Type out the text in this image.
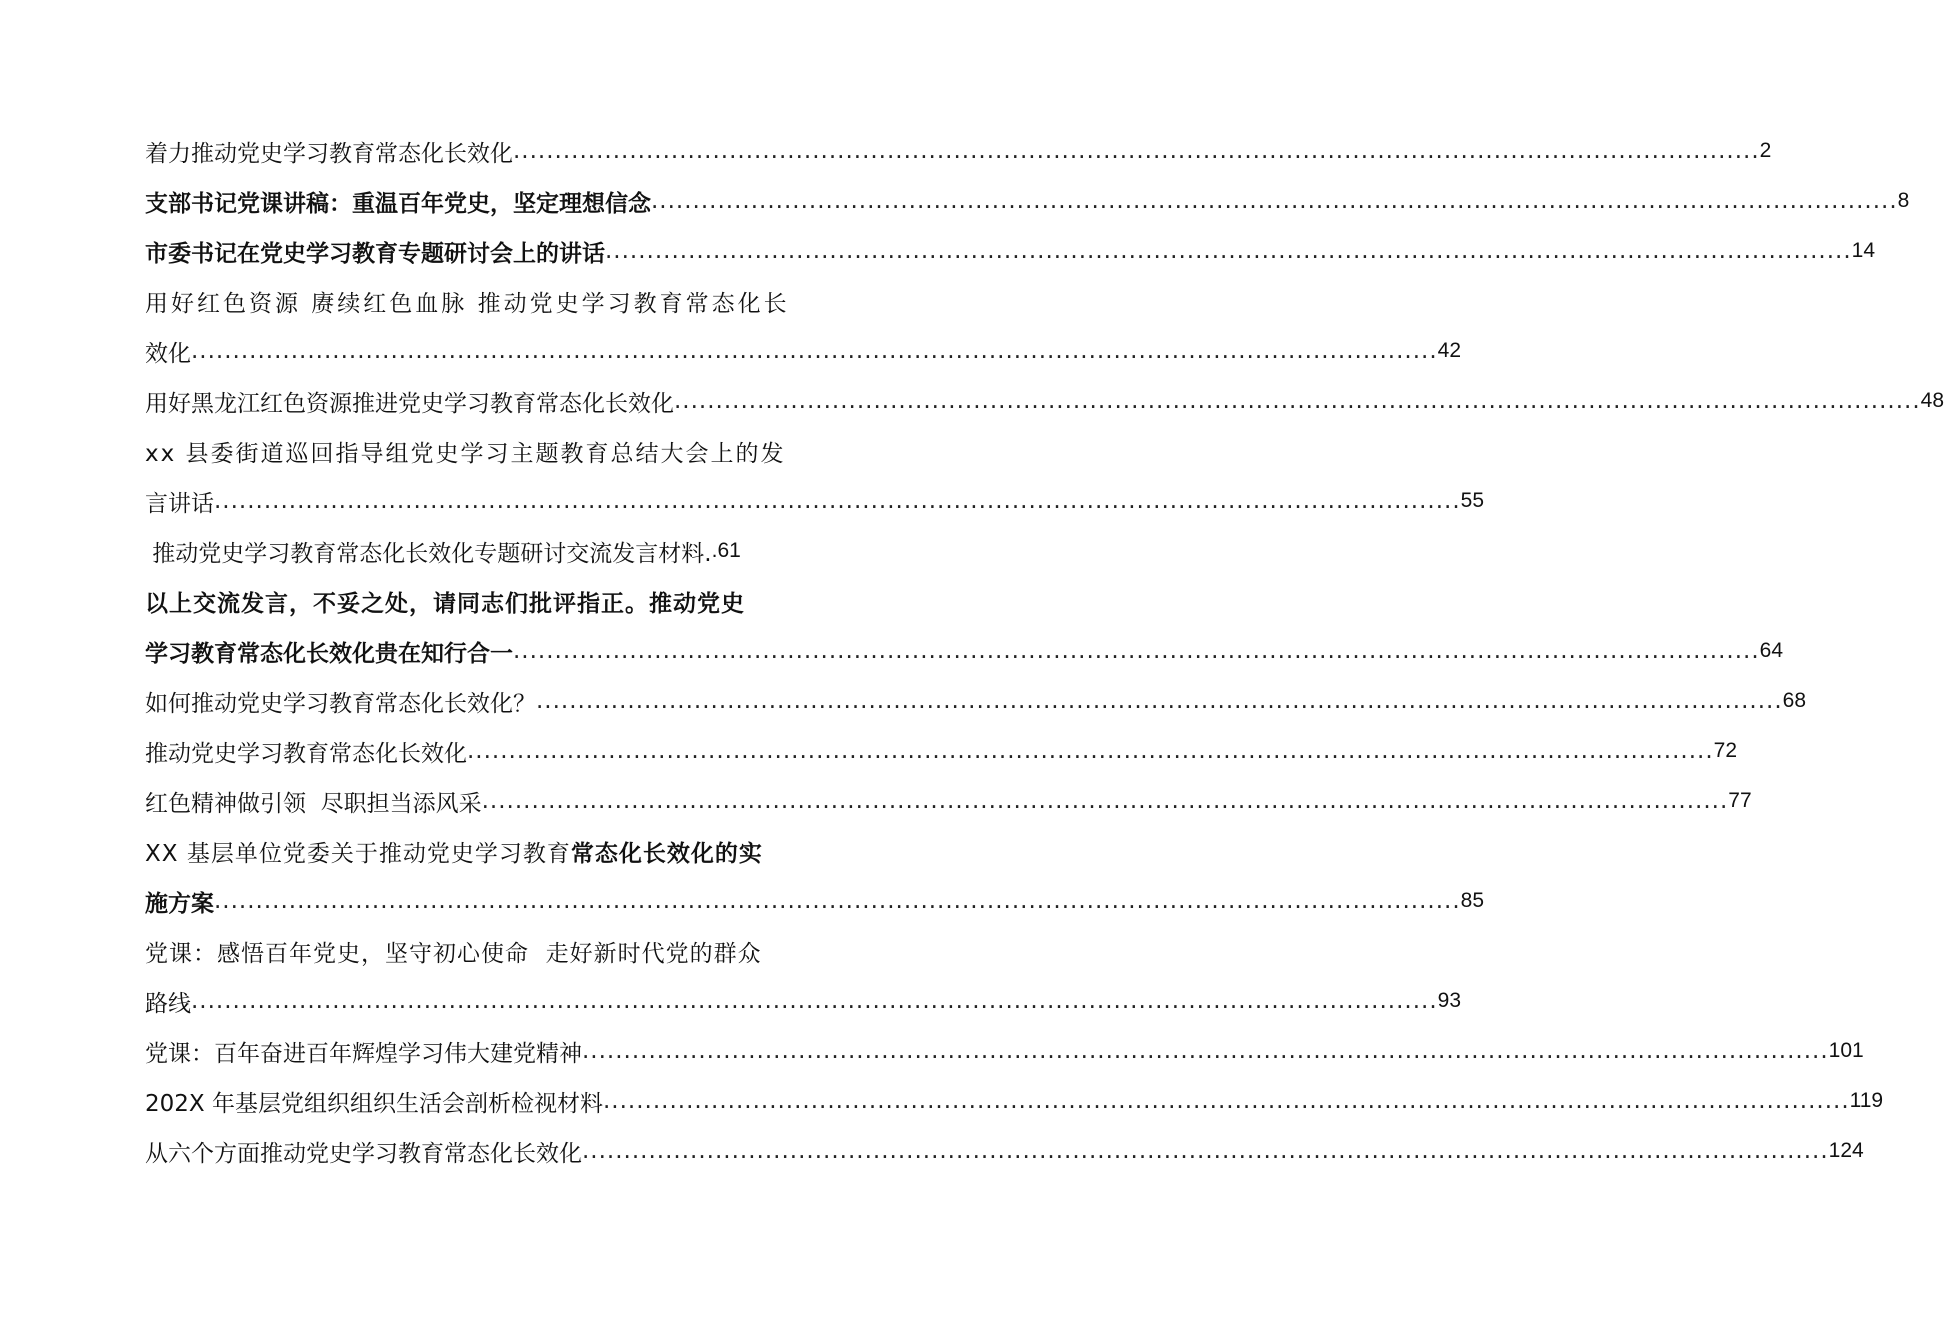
着力推动党史学习教育常态化长效化 ...................................................................................................................................................... 2
支部书记党课讲稿：重温百年党史，坚定理想信念 ...................................................................................................................................................... 8
市委书记在党史学习教育专题研讨会上的讲话 ...................................................................................................................................................... 14
用好红色资源 赓续红色血脉 推动党史学习教育常态化长
效化 ...................................................................................................................................................... 42
用好黑龙江红色资源推进党史学习教育常态化长效化 ...................................................................................................................................................... 48
xx 县委街道巡回指导组党史学习主题教育总结大会上的发
言讲话 ...................................................................................................................................................... 55
推动党史学习教育常态化长效化专题研讨交流发言材料. .61
以上交流发言，不妥之处，请同志们批评指正。推动党史
学习教育常态化长效化贵在知行合一 ...................................................................................................................................................... 64
如何推动党史学习教育常态化长效化？ ...................................................................................................................................................... 68
推动党史学习教育常态化长效化 ...................................................................................................................................................... 72
红色精神做引领  尽职担当添风采 ...................................................................................................................................................... 77
XX 基层单位党委关于推动党史学习教育 常态化长效化的实
施方案 ...................................................................................................................................................... 85
党课：感悟百年党史，坚守初心使命  走好新时代党的群众
路线 ...................................................................................................................................................... 93
党课：百年奋进百年辉煌学习伟大建党精神 ...................................................................................................................................................... 101
202X 年基层党组织组织生活会剖析检视材料 ...................................................................................................................................................... 119
从六个方面推动党史学习教育常态化长效化 ...................................................................................................................................................... 124
